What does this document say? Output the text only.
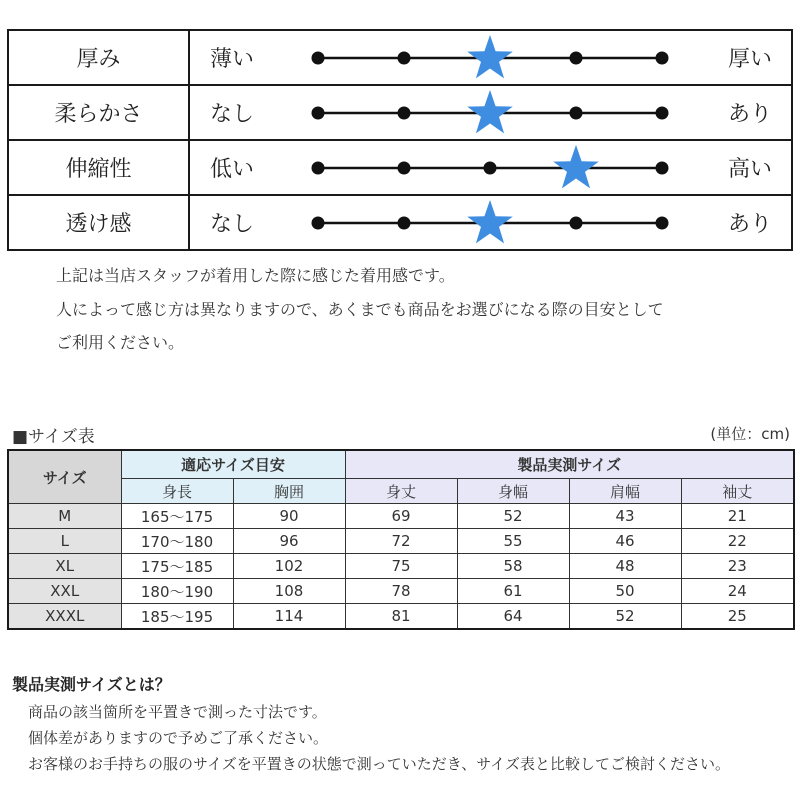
厚み	薄い	厚い
柔らかさ	なし	あり
伸縮性	低い	高い
透け感	なし	あり
上記は当店スタッフが着用した際に感じた着用感です。
人によって感じ方は異なりますので、あくまでも商品をお選びになる際の目安として
ご利用ください。
■サイズ表	(単位：cm)
サイズ	適応サイズ目安		製品実測サイズ			
	身長	胸囲	身丈	身幅	肩幅	袖丈
M	165〜175	90	69	52	43	21
L	170〜180	96	72	55	46	22
XL	175〜185	102	75	58	48	23
XXL	180〜190	108	78	61	50	24
XXXL	185〜195	114	81	64	52	25
製品実測サイズとは？
商品の該当箇所を平置きで測った寸法です。
個体差がありますので予めご了承ください。
お客様のお手持ちの服のサイズを平置きの状態で測っていただき、サイズ表と比較してご検討ください。
